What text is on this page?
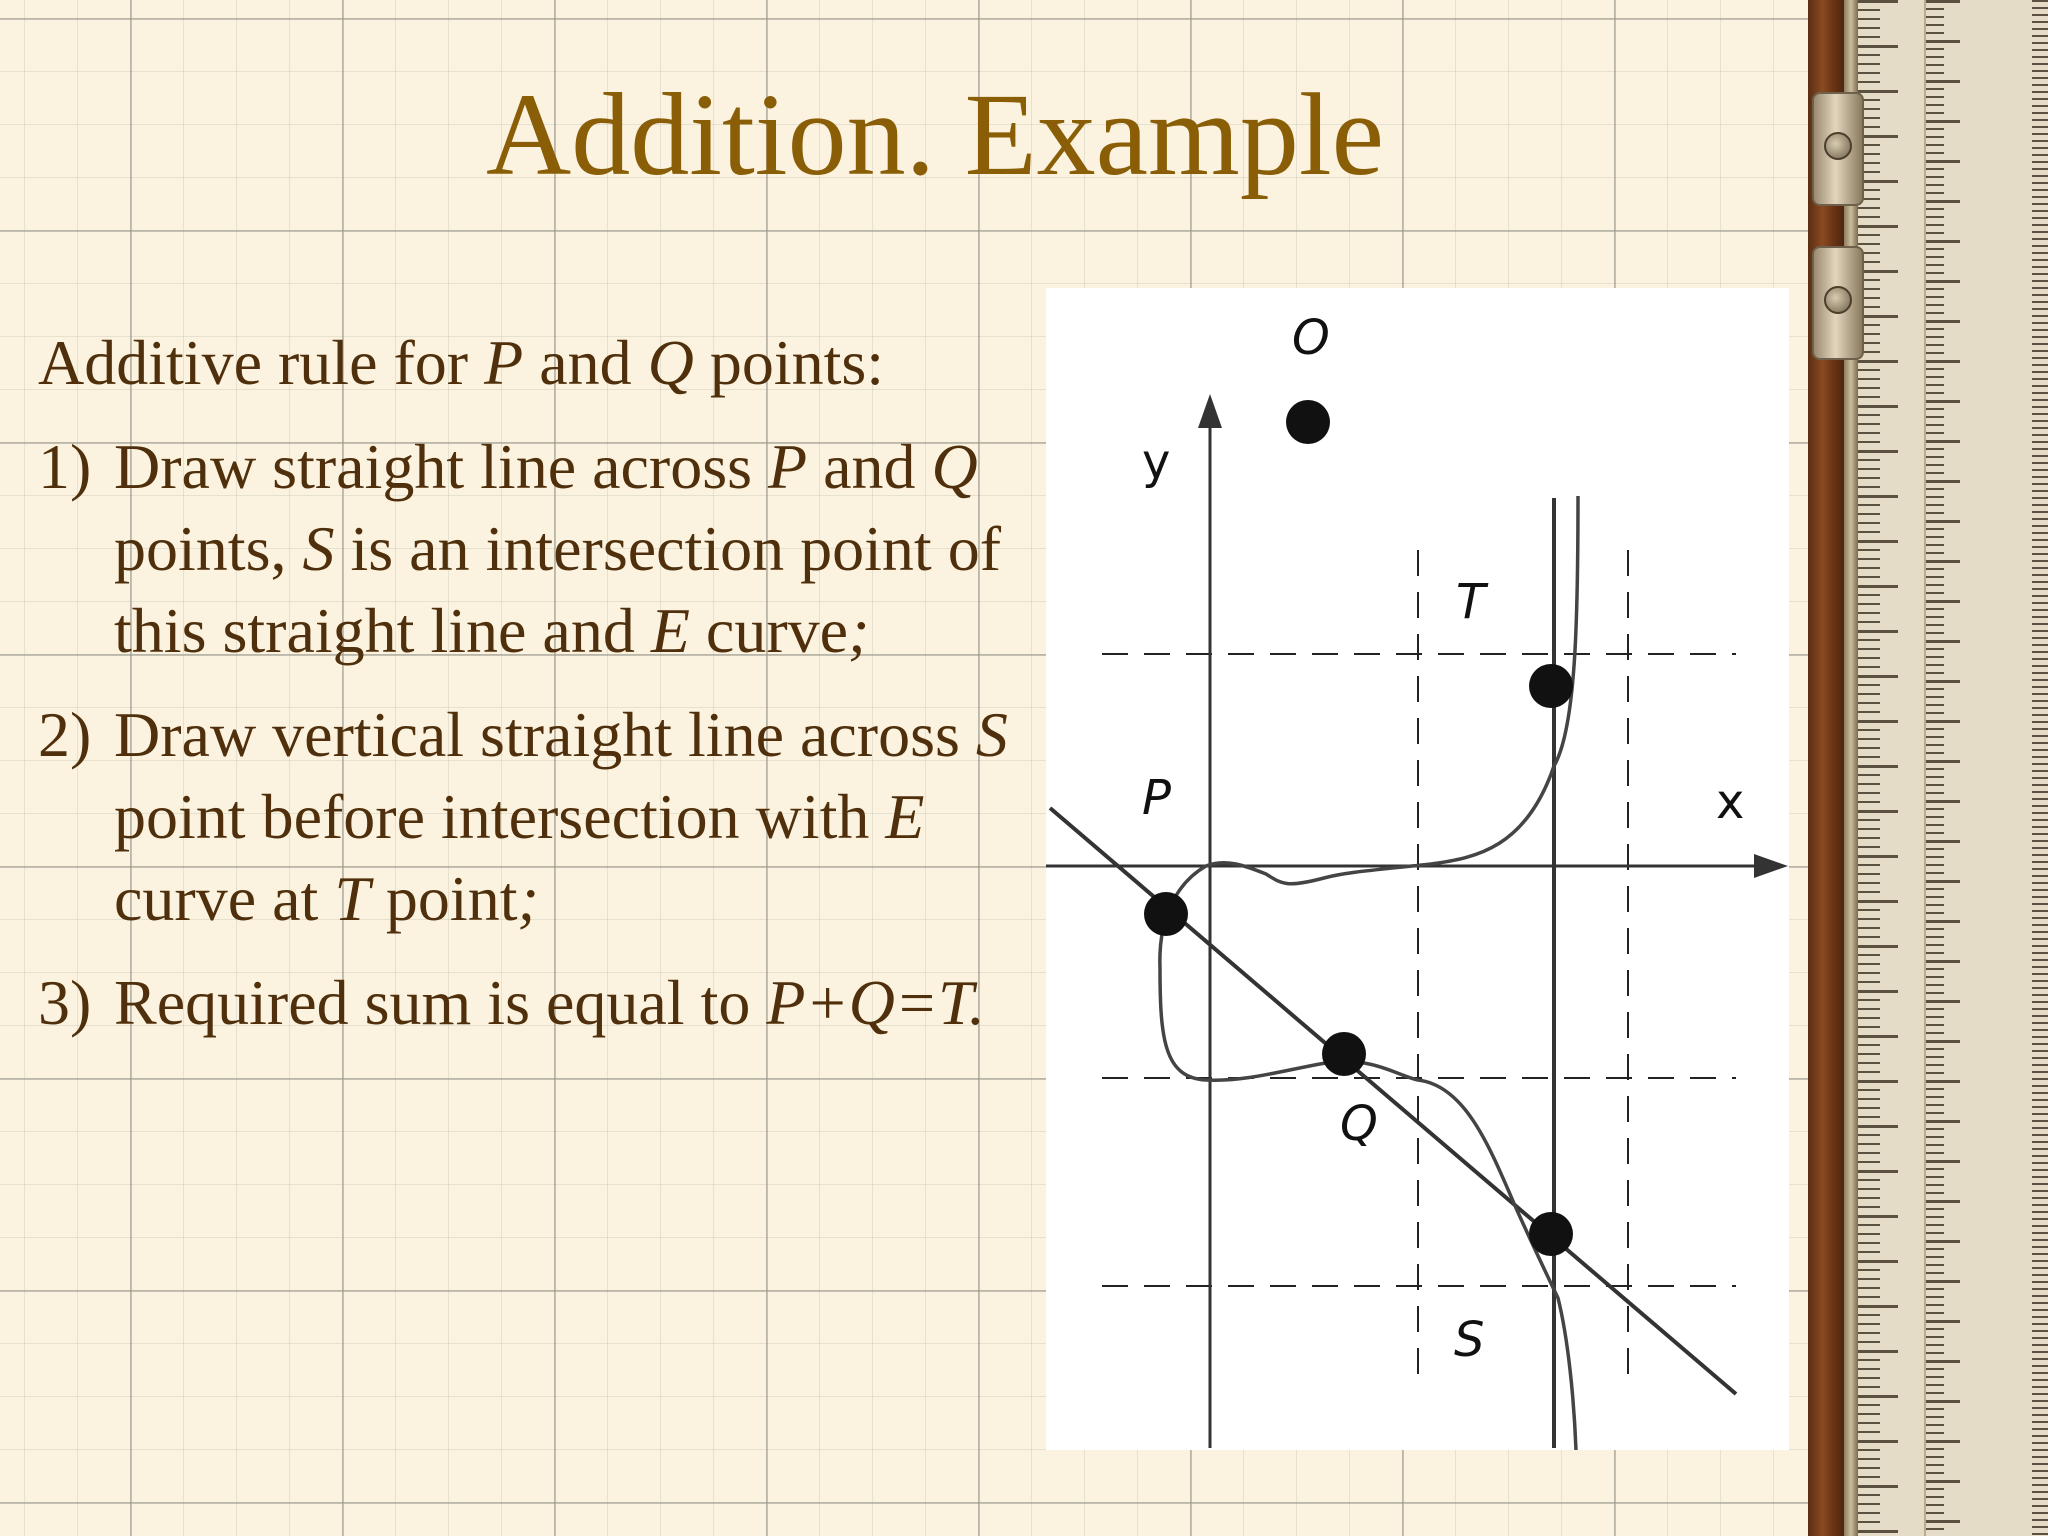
Addition. Example

Additive rule for P and Q points:

1) Draw straight line across P and Q points, S is an intersection point of this straight line and E curve;
2) Draw vertical straight line across S point before intersection with E curve at T point;
3) Required sum is equal to P+Q=T.
O
y
x
P
Q
S
T
